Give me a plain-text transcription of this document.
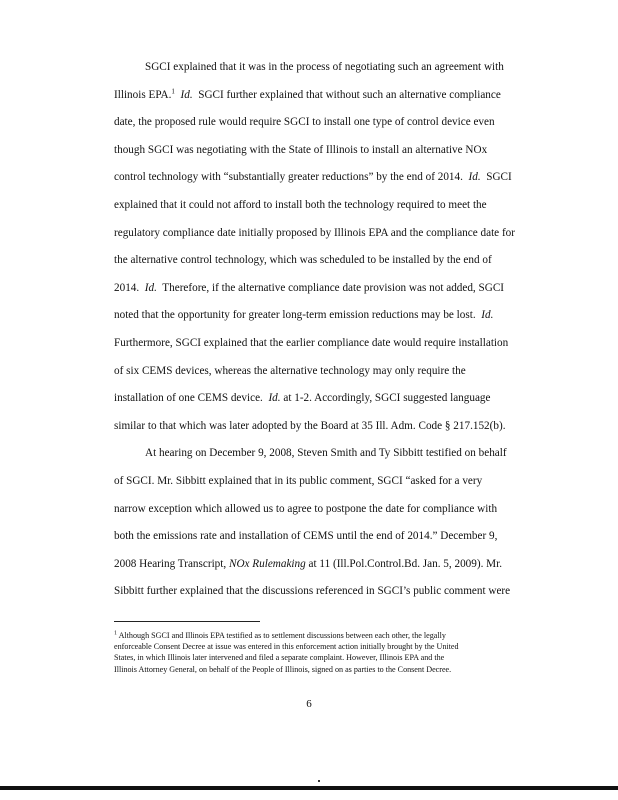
SGCI explained that it was in the process of negotiating such an agreement with
Illinois EPA.$^1$ Id. SGCI further explained that without such an alternative compliance
date, the proposed rule would require SGCI to install one type of control device even
though SGCI was negotiating with the State of Illinois to install an alternative NOx
control technology with “substantially greater reductions” by the end of 2014. Id. SGCI
explained that it could not afford to install both the technology required to meet the
regulatory compliance date initially proposed by Illinois EPA and the compliance date for
the alternative control technology, which was scheduled to be installed by the end of
2014. Id. Therefore, if the alternative compliance date provision was not added, SGCI
noted that the opportunity for greater long-term emission reductions may be lost. Id.
Furthermore, SGCI explained that the earlier compliance date would require installation
of six CEMS devices, whereas the alternative technology may only require the
installation of one CEMS device. Id. at 1-2. Accordingly, SGCI suggested language
similar to that which was later adopted by the Board at 35 Ill. Adm. Code § 217.152(b).
At hearing on December 9, 2008, Steven Smith and Ty Sibbitt testified on behalf
of SGCI. Mr. Sibbitt explained that in its public comment, SGCI “asked for a very
narrow exception which allowed us to agree to postpone the date for compliance with
both the emissions rate and installation of CEMS until the end of 2014.” December 9,
2008 Hearing Transcript, NOx Rulemaking at 11 (Ill.Pol.Control.Bd. Jan. 5, 2009). Mr.
Sibbitt further explained that the discussions referenced in SGCI’s public comment were
$^1$ Although SGCI and Illinois EPA testified as to settlement discussions between each other, the legally
enforceable Consent Decree at issue was entered in this enforcement action initially brought by the United
States, in which Illinois later intervened and filed a separate complaint. However, Illinois EPA and the
Illinois Attorney General, on behalf of the People of Illinois, signed on as parties to the Consent Decree.
6
